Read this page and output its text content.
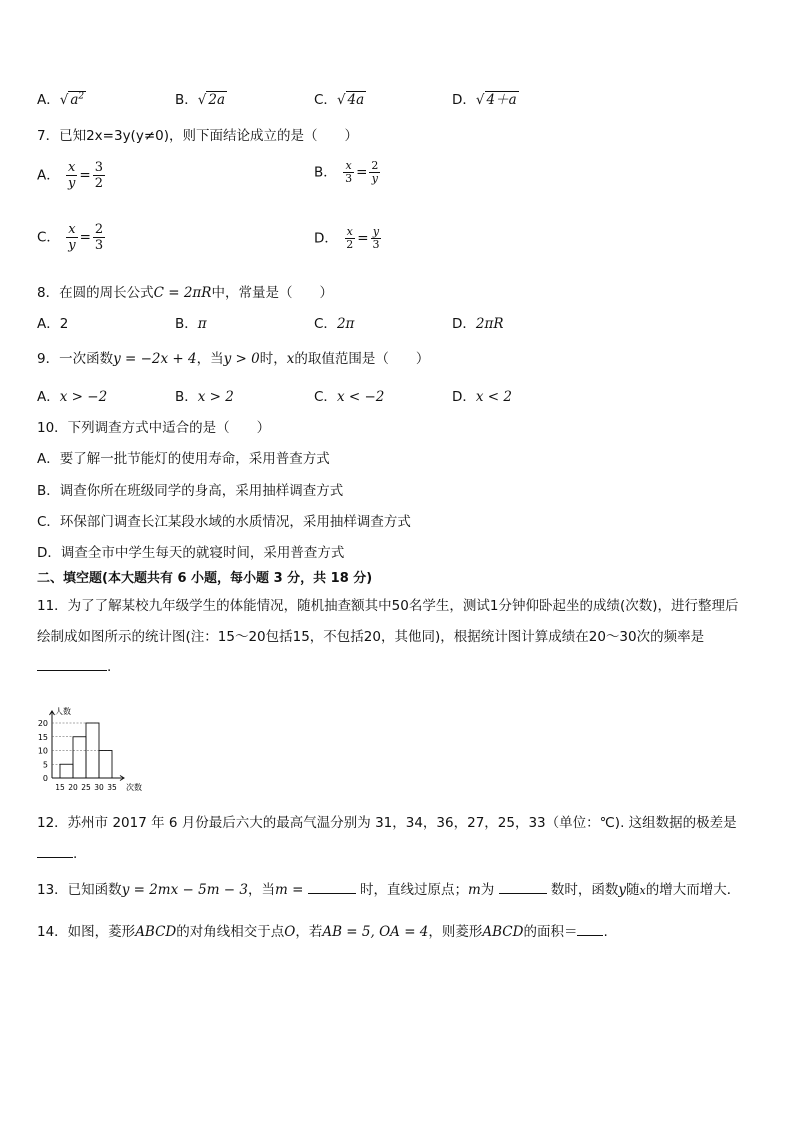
A．√ $a^2$	B．√ 2a	C．√ 4a	D．√ 4＋a
7．已知2x=3y(y≠0)，则下面结论成立的是（　　）
A． $\frac{x}{y} = \frac{3}{2}$	B． $\frac{x}{3} = \frac{2}{y}$
C． $\frac{x}{y} = \frac{2}{3}$	D． $\frac{x}{2} = \frac{y}{3}$
8．在圆的周长公式C = 2πR中，常量是（　　）
A．2	B．π	C．2π	D．2πR
9．一次函数y = −2x + 4，当y > 0时，x的取值范围是（　　）
A．x > −2	B．x > 2	C．x < −2	D．x < 2
10．下列调查方式中适合的是（　　）
A．要了解一批节能灯的使用寿命，采用普查方式
B．调查你所在班级同学的身高，采用抽样调查方式
C．环保部门调查长江某段水域的水质情况，采用抽样调查方式
D．调查全市中学生每天的就寝时间，采用普查方式
二、填空题(本大题共有 6 小题，每小题 3 分，共 18 分)
11．为了了解某校九年级学生的体能情况，随机抽查额其中50名学生，测试1分钟仰卧起坐的成绩(次数)，进行整理后
绘制成如图所示的统计图(注：15～20包括15，不包括20，其他同)，根据统计图计算成绩在20～30次的频率是
.
人数
次数
0
5
10
15
20
15 20 25 30 35
12．苏州市 2017 年 6 月份最后六大的最高气温分别为 31，34，36，27，25，33（单位：℃). 这组数据的极差是
.
13．已知函数y = 2mx − 5m − 3，当m =	时，直线过原点；m为	数时，函数y随x的增大而增大．
14．如图，菱形ABCD的对角线相交于点O，若AB = 5, OA = 4，则菱形ABCD的面积＝ .
